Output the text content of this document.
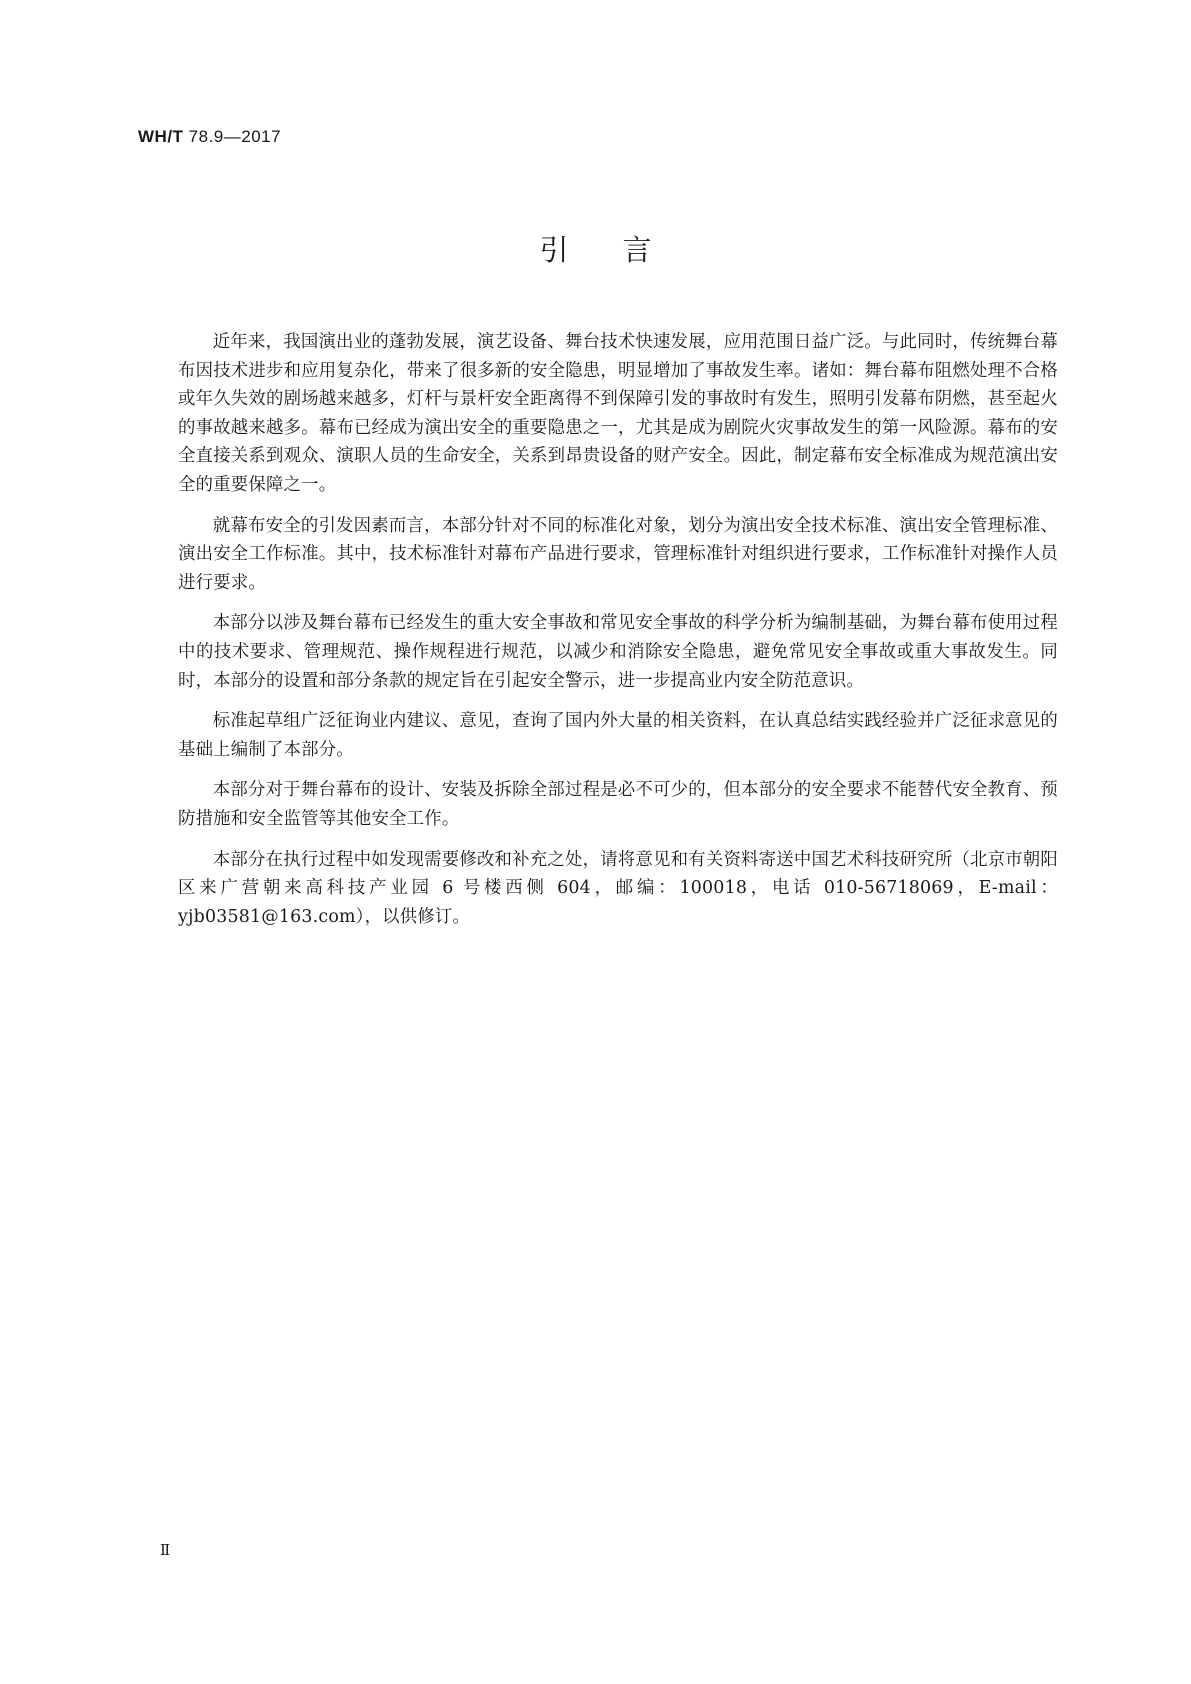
WH/T 78.9—2017
引言

近年来，我国演出业的蓬勃发展，演艺设备、舞台技术快速发展，应用范围日益广泛。与此同时，传统舞台幕布因技术进步和应用复杂化，带来了很多新的安全隐患，明显增加了事故发生率。诸如：舞台幕布阻燃处理不合格或年久失效的剧场越来越多，灯杆与景杆安全距离得不到保障引发的事故时有发生，照明引发幕布阴燃，甚至起火的事故越来越多。幕布已经成为演出安全的重要隐患之一，尤其是成为剧院火灾事故发生的第一风险源。幕布的安全直接关系到观众、演职人员的生命安全，关系到昂贵设备的财产安全。因此，制定幕布安全标准成为规范演出安全的重要保障之一。

就幕布安全的引发因素而言，本部分针对不同的标准化对象，划分为演出安全技术标准、演出安全管理标准、演出安全工作标准。其中，技术标准针对幕布产品进行要求，管理标准针对组织进行要求，工作标准针对操作人员进行要求。

本部分以涉及舞台幕布已经发生的重大安全事故和常见安全事故的科学分析为编制基础，为舞台幕布使用过程中的技术要求、管理规范、操作规程进行规范，以减少和消除安全隐患，避免常见安全事故或重大事故发生。同时，本部分的设置和部分条款的规定旨在引起安全警示，进一步提高业内安全防范意识。

标准起草组广泛征询业内建议、意见，查询了国内外大量的相关资料，在认真总结实践经验并广泛征求意见的基础上编制了本部分。

本部分对于舞台幕布的设计、安装及拆除全部过程是必不可少的，但本部分的安全要求不能替代安全教育、预防措施和安全监管等其他安全工作。

本部分在执行过程中如发现需要修改和补充之处，请将意见和有关资料寄送中国艺术科技研究所（北京市朝阳区来广营朝来高科技产业园 6 号楼西侧 604，邮编：100018，电话 010-56718069，E-mail：yjb03581@163.com），以供修订。

Ⅱ
